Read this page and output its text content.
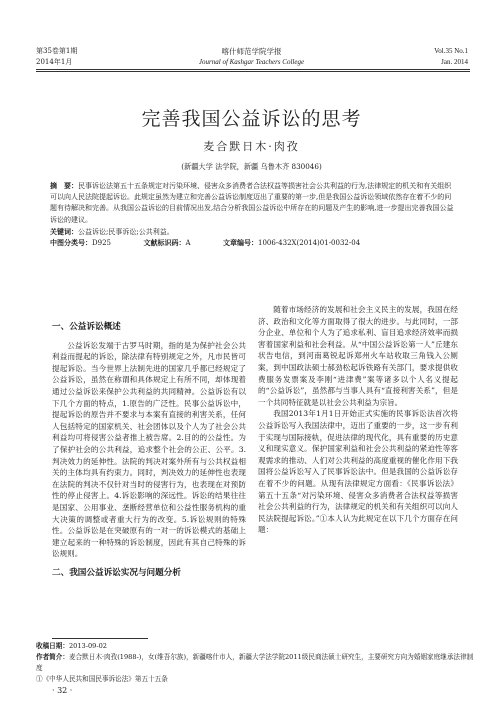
第35卷第1期
2014年1月
喀什师范学院学报
Journal of Kashgar Teachers College
Vol.35 No.1
Jan. 2014
完善我国公益诉讼的思考
麦合默日木·肉孜
(新疆大学 法学院，新疆 乌鲁木齐 830046)

摘　要：民事诉讼法第五十五条规定对污染环境、侵害众多消费者合法权益等损害社会公共利益的行为,法律规定的机关和有关组织可以向人民法院提起诉讼。此规定虽然为建立和完善公益诉讼制度迈出了重要的第一步,但是我国公益诉讼领域依然存在着不少的问题有待解决和完善。从我国公益诉讼的目前情况出发,结合分析我国公益诉讼中所存在的问题及产生的影响,进一步提出完善我国公益诉讼的建议。

关键词：公益诉讼;民事诉讼;公共利益。

中图分类号：D925	文献标识码：A	文章编号：1006-432X(2014)01-0032-04

一、公益诉讼概述

公益诉讼发端于古罗马时期，指的是为保护社会公共利益而提起的诉讼，除法律有特别规定之外，凡市民皆可提起诉讼。当今世界上法制先进的国家几乎都已经规定了公益诉讼，虽然在称谓和具体规定上有所不同，却体现着通过公益诉讼来保护公共利益的共同精神。公益诉讼有以下几个方面的特点，1.原告的广泛性。民事公益诉讼中，提起诉讼的原告并不要求与本案有直接的利害关系，任何人包括特定的国家机关、社会团体以及个人为了社会公共利益均可将侵害公益者推上被告席。2.目的的公益性。为了保护社会的公共利益，追求整个社会的公正、公平。3.判决效力的延伸性。法院的判决对案外所有与公共权益相关的主体均具有约束力。同时，判决效力的延伸性也表现在法院的判决不仅针对当时的侵害行为，也表现在对预防性的停止侵害上。4.诉讼影响的深远性。诉讼的结果往往是国家、公用事业、垄断经营单位和公益性服务机构的重大决策的调整或者重大行为的改变。5.诉讼规则的特殊性。公益诉讼是在突破原有的一对一的诉讼模式的基础上建立起来的一种特殊的诉讼制度，因此有其自己特殊的诉讼规则。

二、我国公益诉讼实况与问题分析

随着市场经济的发展和社会主义民主的发展，我国在经济、政治和文化等方面取得了很大的进步。与此同时，一部分企业、单位和个人为了追求私利、盲目追求经济效率而损害着国家利益和社会利益。从“中国公益诉讼第一人”丘建东状告电信，到河南葛锐起诉郑州火车站收取三角钱入公厕案，到中国政法硕士郝劲松起诉铁路有关部门，要求提供收费服务发票案及李刚“进津费”案等诸多以个人名义提起的“公益诉讼”，虽然都与当事人具有“直接利害关系”，但是一个共同特征就是以社会公共利益为宗旨。

我国2013年1月1日开始正式实施的民事诉讼法首次将公益诉讼写入我国法律中，迈出了重要的一步，这一步有利于实现与国际接轨，促进法律的现代化，具有重要的历史意义和现实意义。保护国家利益和社会公共利益的紧迫性等客观需求的推动、人们对公共利益的高度重视的催化作用下我国将公益诉讼写入了民事诉讼法中。但是我国的公益诉讼存在着不少的问题。从现有法律规定方面看：《民事诉讼法》第五十五条“对污染环境、侵害众多消费者合法权益等损害社会公共利益的行为，法律规定的机关和有关组织可以向人民法院提起诉讼。”①本人认为此规定在以下几个方面存在问题：

收稿日期：2013-09-02

作者简介：麦合默日木·肉孜(1988-)，女(维吾尔族)，新疆喀什市人，新疆大学法学院2011级民商法硕士研究生，主要研究方向为婚姻家庭继承法律制度

①《中华人民共和国民事诉讼法》第五十五条

· 32 ·
